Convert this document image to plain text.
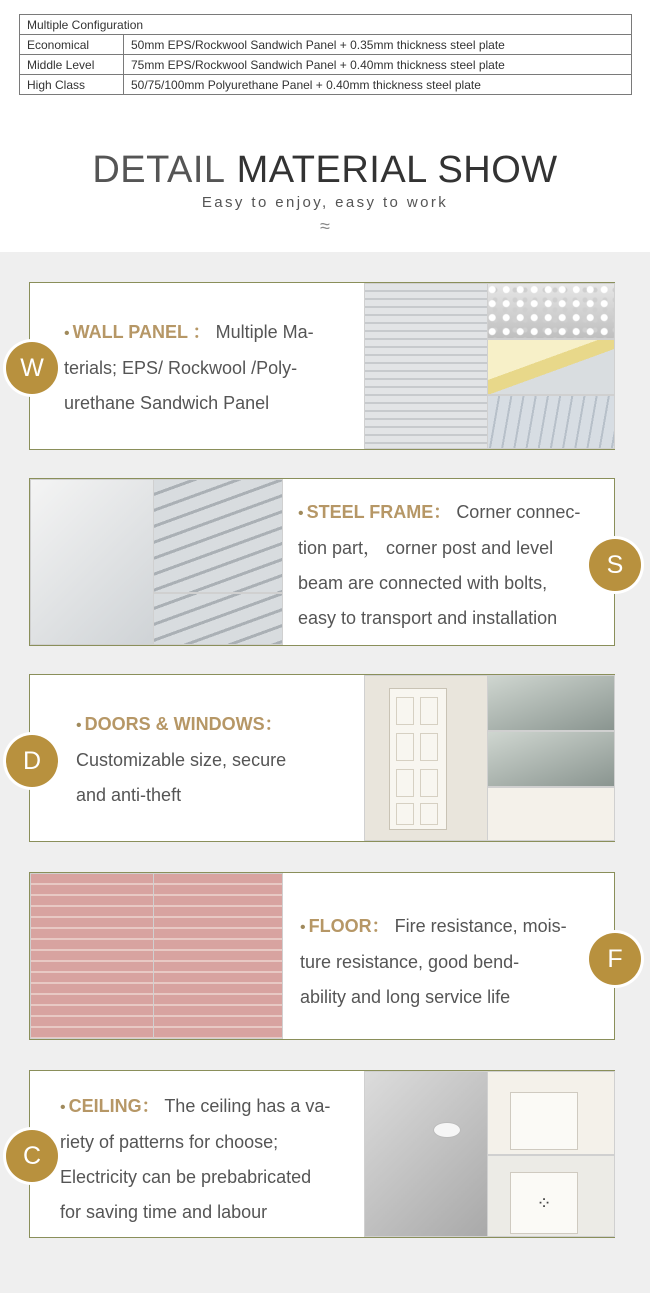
Multiple Configuration	
Economical	50mm EPS/Rockwool Sandwich Panel + 0.35mm thickness steel plate
Middle Level	75mm EPS/Rockwool Sandwich Panel + 0.40mm thickness steel plate
High Class	50/75/100mm Polyurethane Panel + 0.40mm thickness steel plate
DETAIL MATERIAL SHOW
Easy to enjoy, easy to work
≈
• WALL PANEL ： Multiple Ma-
terials; EPS/ Rockwool /Poly-
urethane Sandwich Panel
W
• STEEL FRAME： Corner connec-
tion part， corner post and level
beam are connected with bolts,
easy to transport and installation
S
• DOORS & WINDOWS：
Customizable size, secure
and anti-theft
D
• FLOOR： Fire resistance, mois-
ture resistance, good bend-
ability and long service life
F
• CEILING： The ceiling has a va-
riety of patterns for choose;
Electricity can be prebabricated
for saving time and labour	⁘
C
